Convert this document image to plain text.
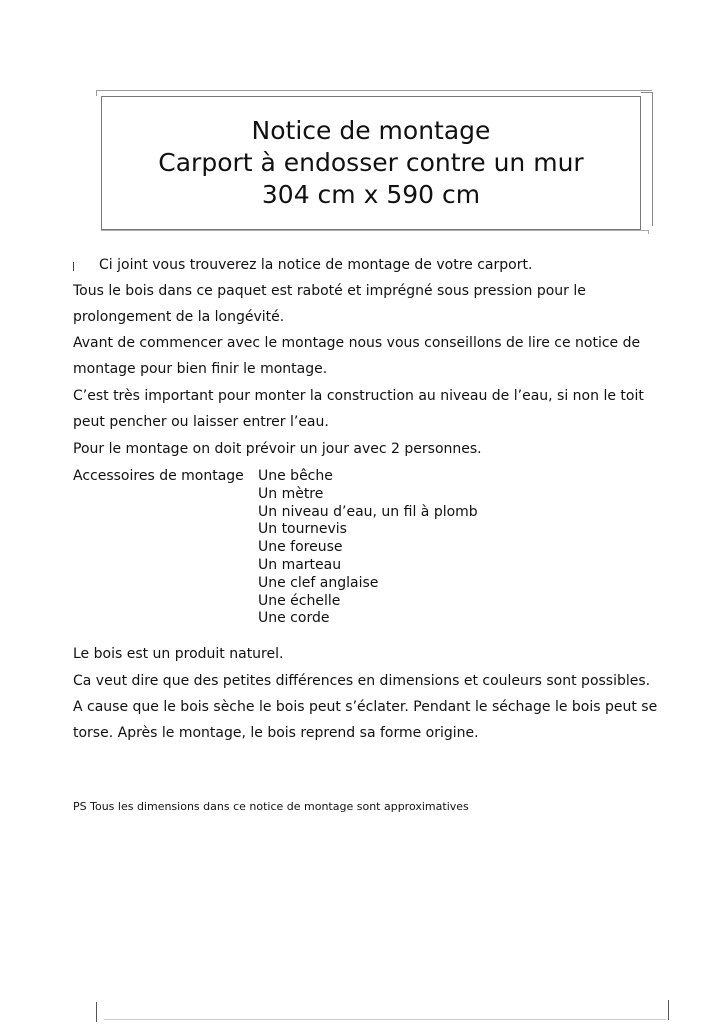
Notice de montage
Carport à endosser contre un mur
304 cm x 590 cm
Ci joint vous trouverez la notice de montage de votre carport.
Tous le bois dans ce paquet est raboté et imprégné sous pression pour le
prolongement de la longévité.
Avant de commencer avec le montage nous vous conseillons de lire ce notice de
montage pour bien finir le montage.
C’est très important pour monter la construction au niveau de l’eau, si non le toit
peut pencher ou laisser entrer l’eau.
Pour le montage on doit prévoir un jour avec 2 personnes.
Accessoires de montage Une bêche
Un mètre
Un niveau d’eau, un fil à plomb
Un tournevis
Une foreuse
Un marteau
Une clef anglaise
Une échelle
Une corde
Le bois est un produit naturel.
Ca veut dire que des petites différences en dimensions et couleurs sont possibles.
A cause que le bois sèche le bois peut s’éclater. Pendant le séchage le bois peut se
torse. Après le montage, le bois reprend sa forme origine.
PS Tous les dimensions dans ce notice de montage sont approximatives
